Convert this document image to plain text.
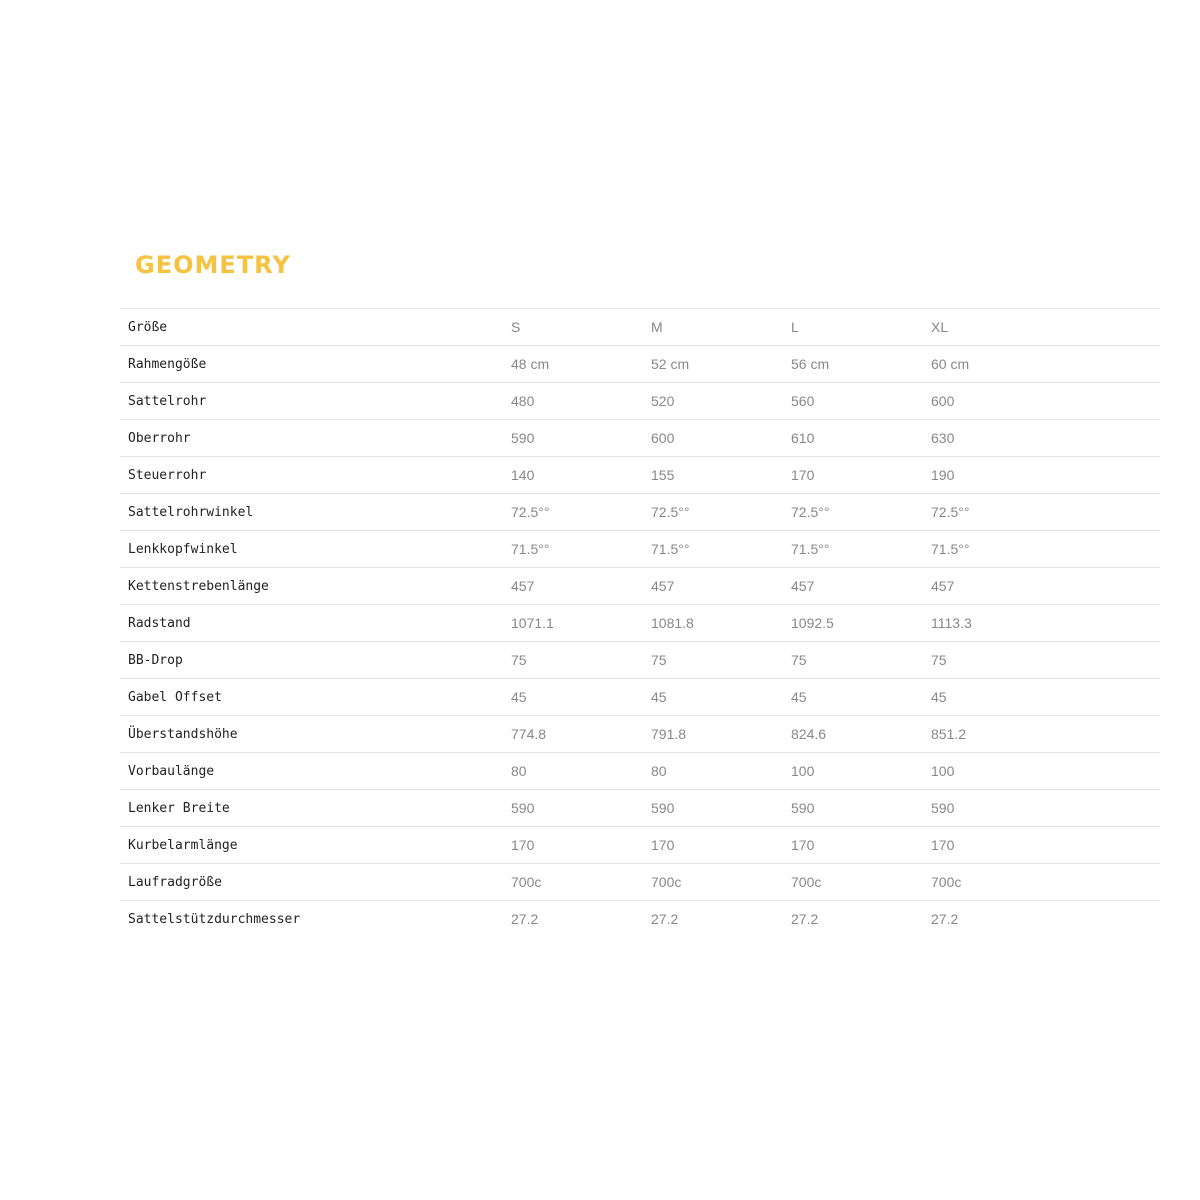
GEOMETRY
Größe	S	M	L	XL
Rahmengöße	48 cm	52 cm	56 cm	60 cm
Sattelrohr	480	520	560	600
Oberrohr	590	600	610	630
Steuerrohr	140	155	170	190
Sattelrohrwinkel	72.5°°	72.5°°	72.5°°	72.5°°
Lenkkopfwinkel	71.5°°	71.5°°	71.5°°	71.5°°
Kettenstrebenlänge	457	457	457	457
Radstand	1071.1	1081.8	1092.5	1113.3
BB-Drop	75	75	75	75
Gabel Offset	45	45	45	45
Überstandshöhe	774.8	791.8	824.6	851.2
Vorbaulänge	80	80	100	100
Lenker Breite	590	590	590	590
Kurbelarmlänge	170	170	170	170
Laufradgröße	700c	700c	700c	700c
Sattelstützdurchmesser	27.2	27.2	27.2	27.2
